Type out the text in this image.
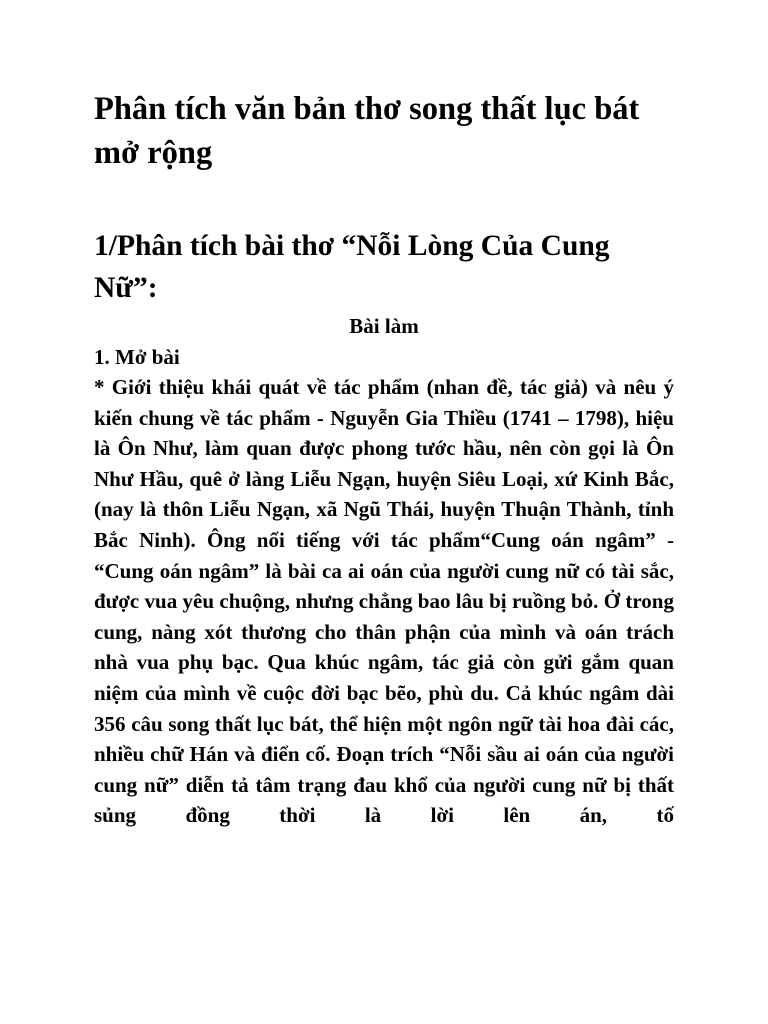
Phân tích văn bản thơ song thất lục bát mở rộng
1/Phân tích bài thơ “Nỗi Lòng Của Cung Nữ”:
Bài làm
1. Mở bài

* Giới thiệu khái quát về tác phẩm (nhan đề, tác giả) và nêu ý kiến chung về tác phẩm - Nguyễn Gia Thiều (1741 – 1798), hiệu là Ôn Như, làm quan được phong tước hầu, nên còn gọi là Ôn Như Hầu, quê ở làng Liễu Ngạn, huyện Siêu Loại, xứ Kinh Bắc, (nay là thôn Liễu Ngạn, xã Ngũ Thái, huyện Thuận Thành, tỉnh Bắc Ninh). Ông nổi tiếng với tác phẩm“Cung oán ngâm” - “Cung oán ngâm” là bài ca ai oán của người cung nữ có tài sắc, được vua yêu chuộng, nhưng chẳng bao lâu bị ruồng bỏ. Ở trong cung, nàng xót thương cho thân phận của mình và oán trách nhà vua phụ bạc. Qua khúc ngâm, tác giả còn gửi gắm quan niệm của mình về cuộc đời bạc bẽo, phù du. Cả khúc ngâm dài 356 câu song thất lục bát, thể hiện một ngôn ngữ tài hoa đài các, nhiều chữ Hán và điển cố. Đoạn trích “Nỗi sầu ai oán của người cung nữ” diễn tả tâm trạng đau khổ của người cung nữ bị thất sủng đồng thời là lời lên án, tố
